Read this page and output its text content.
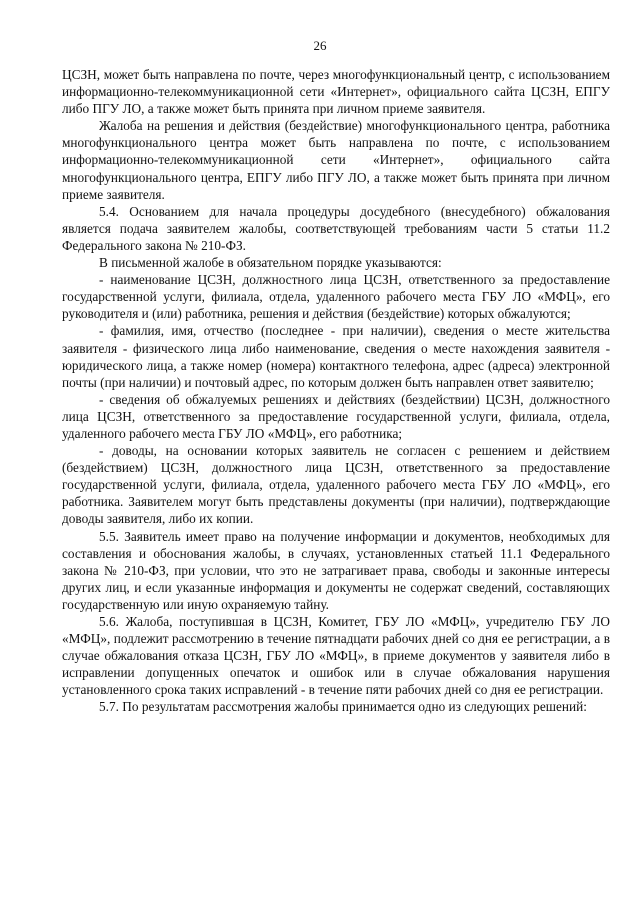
26

ЦСЗН, может быть направлена по почте, через многофункциональный центр, с использованием информационно-телекоммуникационной сети «Интернет», официального сайта ЦСЗН, ЕПГУ либо ПГУ ЛО, а также может быть принята при личном приеме заявителя.

Жалоба на решения и действия (бездействие) многофункционального центра, работника многофункционального центра может быть направлена по почте, с использованием информационно-телекоммуникационной сети «Интернет», официального сайта многофункционального центра, ЕПГУ либо ПГУ ЛО, а также может быть принята при личном приеме заявителя.

5.4. Основанием для начала процедуры досудебного (внесудебного) обжалования является подача заявителем жалобы, соответствующей требованиям части 5 статьи 11.2 Федерального закона № 210-ФЗ.

В письменной жалобе в обязательном порядке указываются:

- наименование ЦСЗН, должностного лица ЦСЗН, ответственного за предоставление государственной услуги, филиала, отдела, удаленного рабочего места ГБУ ЛО «МФЦ», его руководителя и (или) работника, решения и действия (бездействие) которых обжалуются;

- фамилия, имя, отчество (последнее - при наличии), сведения о месте жительства заявителя - физического лица либо наименование, сведения о месте нахождения заявителя - юридического лица, а также номер (номера) контактного телефона, адрес (адреса) электронной почты (при наличии) и почтовый адрес, по которым должен быть направлен ответ заявителю;

- сведения об обжалуемых решениях и действиях (бездействии) ЦСЗН, должностного лица ЦСЗН, ответственного за предоставление государственной услуги, филиала, отдела, удаленного рабочего места ГБУ ЛО «МФЦ», его работника;

- доводы, на основании которых заявитель не согласен с решением и действием (бездействием) ЦСЗН, должностного лица ЦСЗН, ответственного за предоставление государственной услуги, филиала, отдела, удаленного рабочего места ГБУ ЛО «МФЦ», его работника. Заявителем могут быть представлены документы (при наличии), подтверждающие доводы заявителя, либо их копии.

5.5. Заявитель имеет право на получение информации и документов, необходимых для составления и обоснования жалобы, в случаях, установленных статьей 11.1 Федерального закона № 210-ФЗ, при условии, что это не затрагивает права, свободы и законные интересы других лиц, и если указанные информация и документы не содержат сведений, составляющих государственную или иную охраняемую тайну.

5.6. Жалоба, поступившая в ЦСЗН, Комитет, ГБУ ЛО «МФЦ», учредителю ГБУ ЛО «МФЦ», подлежит рассмотрению в течение пятнадцати рабочих дней со дня ее регистрации, а в случае обжалования отказа ЦСЗН, ГБУ ЛО «МФЦ», в приеме документов у заявителя либо в исправлении допущенных опечаток и ошибок или в случае обжалования нарушения установленного срока таких исправлений - в течение пяти рабочих дней со дня ее регистрации.

5.7. По результатам рассмотрения жалобы принимается одно из следующих решений:
